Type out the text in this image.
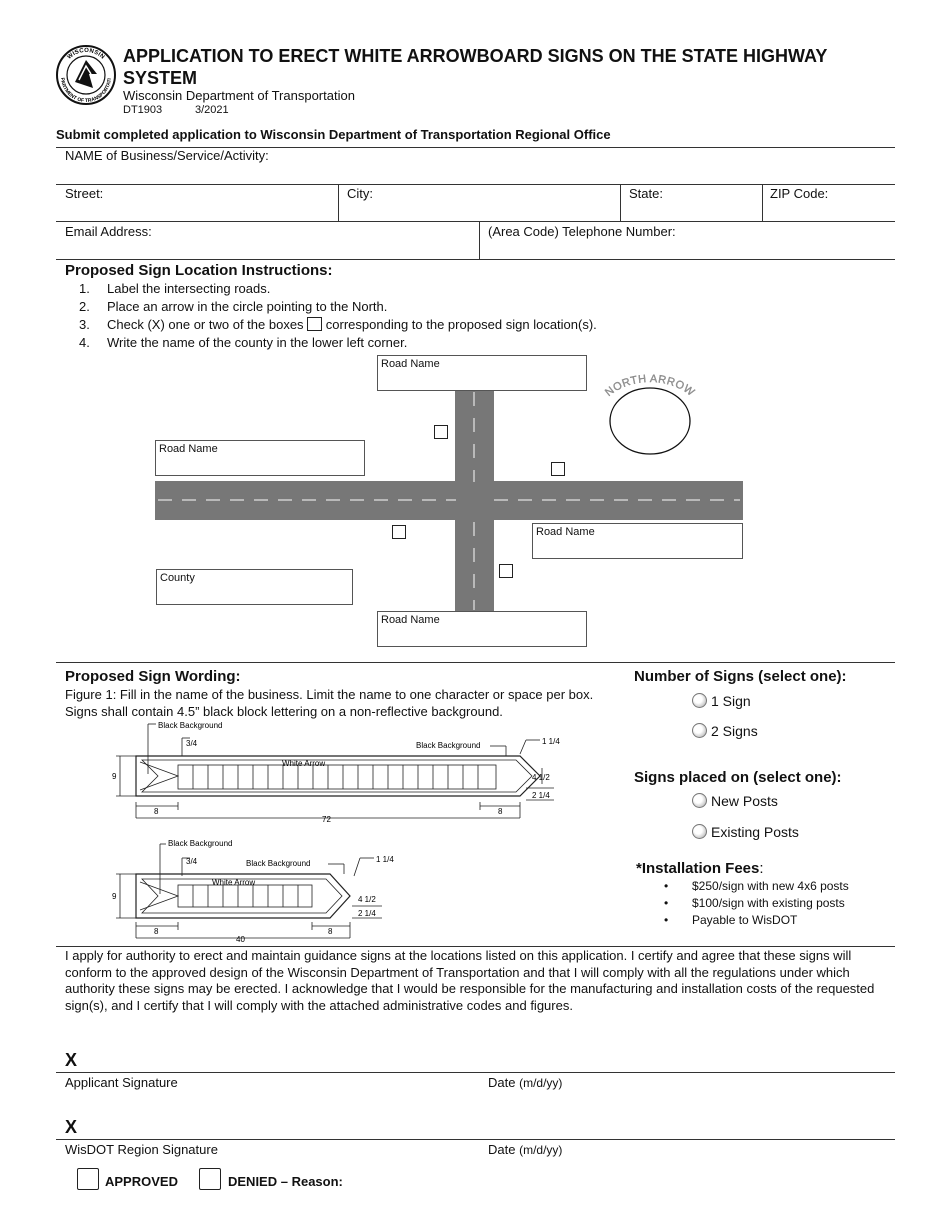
WISCONSIN
PARTMENT OF TRANSPORTATI
APPLICATION TO ERECT WHITE ARROWBOARD SIGNS ON THE STATE HIGHWAY
SYSTEM
Wisconsin Department of Transportation
DT1903	3/2021
Submit completed application to Wisconsin Department of Transportation Regional Office
NAME of Business/Service/Activity:
Street:	City:	State:	ZIP Code:
Email Address:	(Area Code) Telephone Number:
Proposed Sign Location Instructions:
1. Label the intersecting roads.
2. Place an arrow in the circle pointing to the North.
3. Check (X) one or two of the boxes corresponding to the proposed sign location(s).
4. Write the name of the county in the lower left corner.
Road Name
Road Name
Road Name
Road Name
County
NORTH ARROW
Proposed Sign Wording:
Figure 1: Fill in the name of the business. Limit the name to one character or space per box. Signs shall contain 4.5” black block lettering on a non-reflective background.
Black Background
3/4	Black Background	1 1/4
White Arrow
4 1/2
2 1/4
9
8	8
72
Black Background
3/4	Black Background	1 1/4
White Arrow
4 1/2
2 1/4
9
8	8
40
Number of Signs (select one):
1 Sign
2 Signs
Signs placed on (select one):
New Posts
Existing Posts
*Installation Fees:
• $250/sign with new 4x6 posts
• $100/sign with existing posts
• Payable to WisDOT
I apply for authority to erect and maintain guidance signs at the locations listed on this application. I certify and agree that these signs will conform to the approved design of the Wisconsin Department of Transportation and that I will comply with all the regulations under which authority these signs may be erected. I acknowledge that I would be responsible for the manufacturing and installation costs of the requested sign(s), and I certify that I will comply with the attached administrative codes and figures.
X
Applicant Signature	Date (m/d/yy)
X
WisDOT Region Signature	Date (m/d/yy)
APPROVED	DENIED – Reason:
